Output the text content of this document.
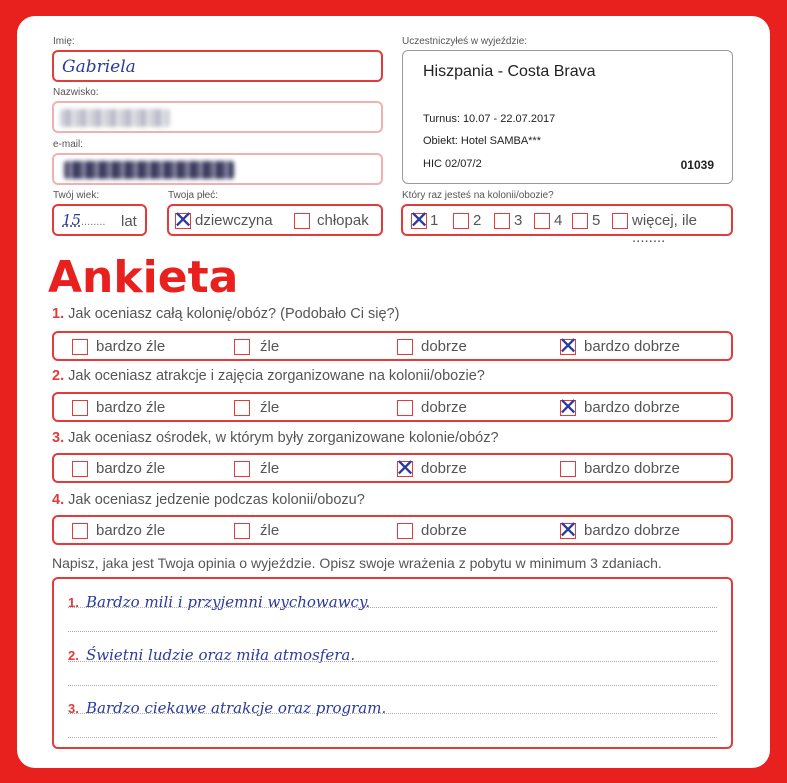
Imię:
Gabriela
Nazwisko:
e-mail:
Twój wiek:
15 ........ lat
Twoja płeć:
✕ dziewczyna	chłopak
Uczestniczyłeś w wyjeździe:
Hiszpania - Costa Brava
Turnus: 10.07 - 22.07.2017
Obiekt: Hotel SAMBA***
HIC 02/07/2	01039
Który raz jesteś na kolonii/obozie?
✕ 1 2 3 4 5 więcej, ile ........
Ankieta
1. Jak oceniasz całą kolonię/obóz? (Podobało Ci się?)
bardzo źle	źle	dobrze	✕ bardzo dobrze
2. Jak oceniasz atrakcje i zajęcia zorganizowane na kolonii/obozie?
bardzo źle	źle	dobrze	✕ bardzo dobrze
3. Jak oceniasz ośrodek, w którym były zorganizowane kolonie/obóz?
bardzo źle	źle	✕ dobrze	bardzo dobrze
4. Jak oceniasz jedzenie podczas kolonii/obozu?
bardzo źle	źle	dobrze	✕ bardzo dobrze
Napisz, jaka jest Twoja opinia o wyjeździe. Opisz swoje wrażenia z pobytu w minimum 3 zdaniach.
1. Bardzo mili i przyjemni wychowawcy.
2. Świetni ludzie oraz miła atmosfera.
3. Bardzo ciekawe atrakcje oraz program.
